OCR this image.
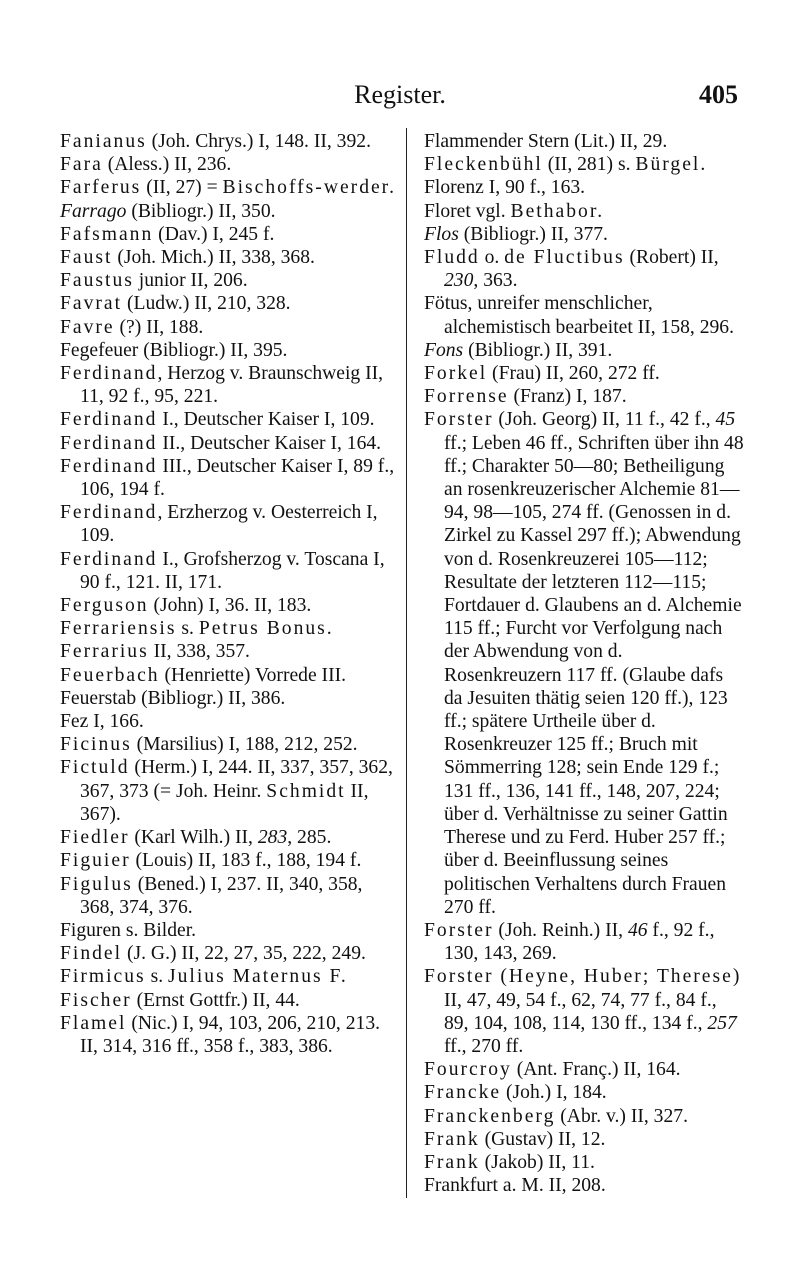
Register.	405

Fanianus (Joh. Chrys.) I, 148. II, 392.

Fara (Aless.) II, 236.

Farferus (II, 27) = Bischoffs-werder.

Farrago (Bibliogr.) II, 350.

Fafsmann (Dav.) I, 245 f.

Faust (Joh. Mich.) II, 338, 368.

Faustus junior II, 206.

Favrat (Ludw.) II, 210, 328.

Favre (?) II, 188.

Fegefeuer (Bibliogr.) II, 395.

Ferdinand, Herzog v. Braunschweig II, 11, 92 f., 95, 221.

Ferdinand I., Deutscher Kaiser I, 109.

Ferdinand II., Deutscher Kaiser I, 164.

Ferdinand III., Deutscher Kaiser I, 89 f., 106, 194 f.

Ferdinand, Erzherzog v. Oesterreich I, 109.

Ferdinand I., Grofsherzog v. Toscana I, 90 f., 121. II, 171.

Ferguson (John) I, 36. II, 183.

Ferrariensis s. Petrus Bonus.

Ferrarius II, 338, 357.

Feuerbach (Henriette) Vorrede III.

Feuerstab (Bibliogr.) II, 386.

Fez I, 166.

Ficinus (Marsilius) I, 188, 212, 252.

Fictuld (Herm.) I, 244. II, 337, 357, 362, 367, 373 (= Joh. Heinr. Schmidt II, 367).

Fiedler (Karl Wilh.) II, 283, 285.

Figuier (Louis) II, 183 f., 188, 194 f.

Figulus (Bened.) I, 237. II, 340, 358, 368, 374, 376.

Figuren s. Bilder.

Findel (J. G.) II, 22, 27, 35, 222, 249.

Firmicus s. Julius Maternus F.

Fischer (Ernst Gottfr.) II, 44.

Flamel (Nic.) I, 94, 103, 206, 210, 213. II, 314, 316 ff., 358 f., 383, 386.

Flammender Stern (Lit.) II, 29.

Fleckenbühl (II, 281) s. Bürgel.

Florenz I, 90 f., 163.

Floret vgl. Bethabor.

Flos (Bibliogr.) II, 377.

Fludd o. de Fluctibus (Robert) II, 230, 363.

Fötus, unreifer menschlicher, alchemistisch bearbeitet II, 158, 296.

Fons (Bibliogr.) II, 391.

Forkel (Frau) II, 260, 272 ff.

Forrense (Franz) I, 187.

Forster (Joh. Georg) II, 11 f., 42 f., 45 ff.; Leben 46 ff., Schriften über ihn 48 ff.; Charakter 50—80; Betheiligung an rosenkreuzerischer Alchemie 81—94, 98—105, 274 ff. (Genossen in d. Zirkel zu Kassel 297 ff.); Abwendung von d. Rosenkreuzerei 105—112; Resultate der letzteren 112—115; Fortdauer d. Glaubens an d. Alchemie 115 ff.; Furcht vor Verfolgung nach der Abwendung von d. Rosenkreuzern 117 ff. (Glaube dafs da Jesuiten thätig seien 120 ff.), 123 ff.; spätere Urtheile über d. Rosenkreuzer 125 ff.; Bruch mit Sömmerring 128; sein Ende 129 f.; 131 ff., 136, 141 ff., 148, 207, 224; über d. Verhältnisse zu seiner Gattin Therese und zu Ferd. Huber 257 ff.; über d. Beeinflussung seines politischen Verhaltens durch Frauen 270 ff.

Forster (Joh. Reinh.) II, 46 f., 92 f., 130, 143, 269.

Forster (Heyne, Huber; Therese) II, 47, 49, 54 f., 62, 74, 77 f., 84 f., 89, 104, 108, 114, 130 ff., 134 f., 257 ff., 270 ff.

Fourcroy (Ant. Franç.) II, 164.

Francke (Joh.) I, 184.

Franckenberg (Abr. v.) II, 327.

Frank (Gustav) II, 12.

Frank (Jakob) II, 11.

Frankfurt a. M. II, 208.
